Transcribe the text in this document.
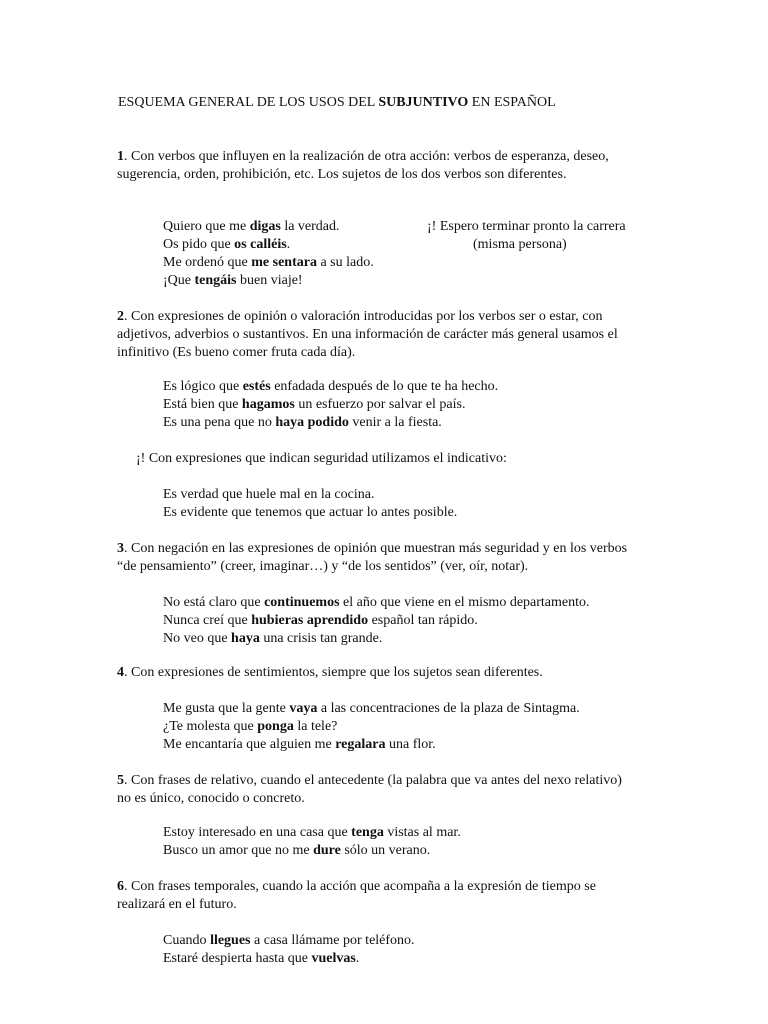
ESQUEMA GENERAL DE LOS USOS DEL SUBJUNTIVO EN ESPAÑOL
1. Con verbos que influyen en la realización de otra acción: verbos de esperanza, deseo, sugerencia, orden, prohibición, etc. Los sujetos de los dos verbos son diferentes.
Quiero que me digas la verdad.
Os pido que os calléis.
Me ordenó que me sentara a su lado.
¡Que tengáis buen viaje!
¡! Espero terminar pronto la carrera
(misma persona)
2. Con expresiones de opinión o valoración introducidas por los verbos ser o estar, con adjetivos, adverbios o sustantivos. En una información de carácter más general usamos el infinitivo (Es bueno comer fruta cada día).
Es lógico que estés enfadada después de lo que te ha hecho.
Está bien que hagamos un esfuerzo por salvar el país.
Es una pena que no haya podido venir a la fiesta.
¡! Con expresiones que indican seguridad utilizamos el indicativo:
Es verdad que huele mal en la cocina.
Es evidente que tenemos que actuar lo antes posible.
3. Con negación en las expresiones de opinión que muestran más seguridad y en los verbos “de pensamiento” (creer, imaginar…) y “de los sentidos” (ver, oír, notar).
No está claro que continuemos el año que viene en el mismo departamento.
Nunca creí que hubieras aprendido español tan rápido.
No veo que haya una crisis tan grande.
4. Con expresiones de sentimientos, siempre que los sujetos sean diferentes.
Me gusta que la gente vaya a las concentraciones de la plaza de Sintagma.
¿Te molesta que ponga la tele?
Me encantaría que alguien me regalara una flor.
5. Con frases de relativo, cuando el antecedente (la palabra que va antes del nexo relativo) no es único, conocido o concreto.
Estoy interesado en una casa que tenga vistas al mar.
Busco un amor que no me dure sólo un verano.
6. Con frases temporales, cuando la acción que acompaña a la expresión de tiempo se realizará en el futuro.
Cuando llegues a casa llámame por teléfono.
Estaré despierta hasta que vuelvas.
